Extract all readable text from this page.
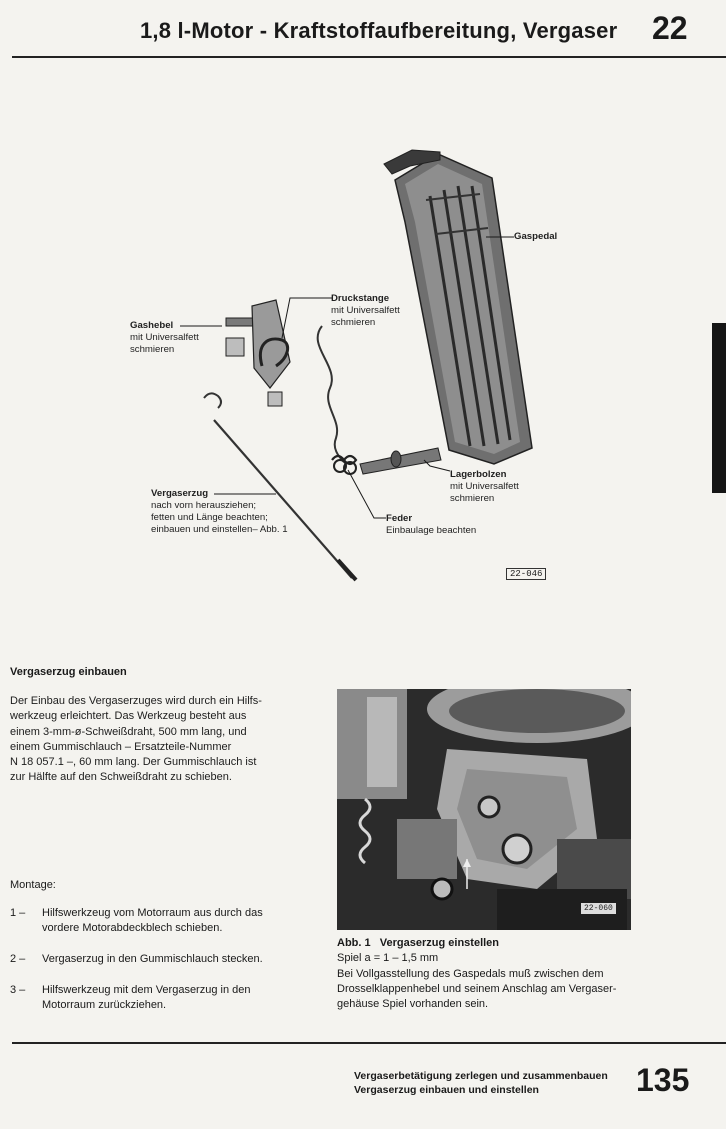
1,8 l-Motor - Kraftstoffaufbereitung, Vergaser 22
Gaspedal
Druckstange
mit Universalfett
schmieren
Gashebel
mit Universalfett
schmieren
Lagerbolzen
mit Universalfett
schmieren
Vergaserzug
nach vorn herausziehen;
fetten und Länge beachten;
einbauen und einstellen– Abb. 1
Feder
Einbaulage beachten
22-046
Vergaserzug einbauen
Der Einbau des Vergaserzuges wird durch ein Hilfs-
werkzeug erleichtert. Das Werkzeug besteht aus
einem 3-mm-ø-Schweißdraht, 500 mm lang, und
einem Gummischlauch – Ersatzteile-Nummer
N 18 057.1 –, 60 mm lang. Der Gummischlauch ist
zur Hälfte auf den Schweißdraht zu schieben.
Montage:
1 – Hilfswerkzeug vom Motorraum aus durch das
vordere Motorabdeckblech schieben.
2 – Vergaserzug in den Gummischlauch stecken.
3 – Hilfswerkzeug mit dem Vergaserzug in den
Motorraum zurückziehen.
22-060
Abb. 1 Vergaserzug einstellen
Spiel a = 1 – 1,5 mm
Bei Vollgasstellung des Gaspedals muß zwischen dem
Drosselklappenhebel und seinem Anschlag am Vergaser-
gehäuse Spiel vorhanden sein.
Vergaserbetätigung zerlegen und zusammenbauen
Vergaserzug einbauen und einstellen	135
